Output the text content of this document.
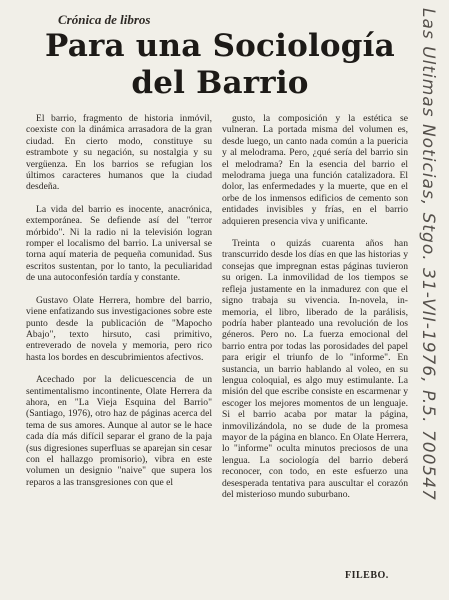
Crónica de libros
Para una Sociología del Barrio

El barrio, fragmento de historia inmóvil, coexiste con la dinámica arrasadora de la gran ciudad. En cierto modo, constituye su estrambote y su negación, su nostalgia y su vergüenza. En los barrios se refugian los últimos caracteres humanos que la ciudad desdeña.

La vida del barrio es inocente, anacrónica, extemporánea. Se defiende así del "terror mórbido". Ni la radio ni la televisión logran romper el localismo del barrio. La universal se torna aquí materia de pequeña comunidad. Sus escritos sustentan, por lo tanto, la peculiaridad de una autoconfesión tardía y constante.

Gustavo Olate Herrera, hombre del barrio, viene enfatizando sus investigaciones sobre este punto desde la publicación de "Mapocho Abajo", texto hirsuto, casi primitivo, entreverado de novela y memoria, pero rico hasta los bordes en descubrimientos afectivos.

Acechado por la delicuescencia de un sentimentalismo incontinente, Olate Herrera da ahora, en "La Vieja Esquina del Barrio" (Santiago, 1976), otro haz de páginas acerca del tema de sus amores. Aunque al autor se le hace cada día más difícil separar el grano de la paja (sus digresiones superfluas se aparejan sin cesar con el hallazgo promisorio), vibra en este volumen un designio "naive" que supera los reparos a las transgresiones con que el

gusto, la composición y la estética se vulneran. La portada misma del volumen es, desde luego, un canto nada común a la puericia y al melodrama. Pero, ¿qué sería del barrio sin el melodrama? En la esencia del barrio el melodrama juega una función catalizadora. El dolor, las enfermedades y la muerte, que en el orbe de los inmensos edificios de cemento son entidades invisibles y frías, en el barrio adquieren presencia viva y unificante.

Treinta o quizás cuarenta años han transcurrido desde los días en que las historias y consejas que impregnan estas páginas tuvieron su origen. La inmovilidad de los tiempos se refleja justamente en la inmadurez con que el signo trabaja su vivencia. In-novela, in-memoria, el libro, liberado de la parálisis, podría haber planteado una revolución de los géneros. Pero no. La fuerza emocional del barrio entra por todas las porosidades del papel para erigir el triunfo de lo "informe". En sustancia, un barrio hablando al voleo, en su lengua coloquial, es algo muy estimulante. La misión del que escribe consiste en escarmenar y escoger los mejores momentos de un lenguaje. Si el barrio acaba por matar la página, inmovilizándola, no se dude de la promesa mayor de la página en blanco. En Olate Herrera, lo "informe" oculta minutos preciosos de una lengua. La sociología del barrio deberá reconocer, con todo, en este esfuerzo una desesperada tentativa para auscultar el corazón del misterioso mundo suburbano.

FILEBO.
Las Ultimas Noticias, Stgo. 31-VII-1976, P.5. 700547
